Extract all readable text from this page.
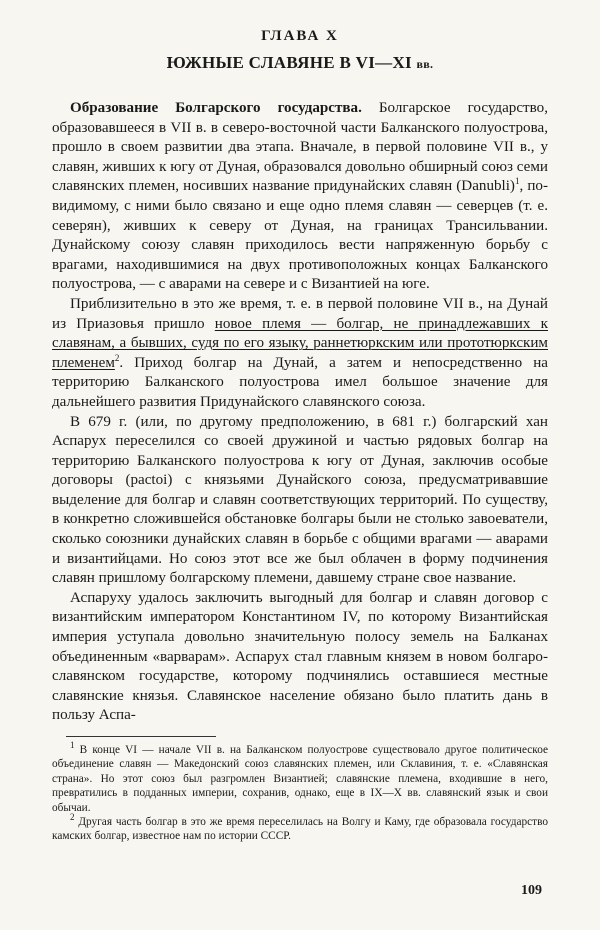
ГЛАВА X
ЮЖНЫЕ СЛАВЯНЕ В VI—XI вв.

Образование Болгарского государства. Болгарское государство, образовавшееся в VII в. в северо-восточной части Балканского полуострова, прошло в своем развитии два этапа. Вначале, в первой половине VII в., у славян, живших к югу от Дуная, образовался довольно обширный союз семи славянских племен, носивших название придунайских славян (Danubli)$^1$, по-видимому, с ними было связано и еще одно племя славян — северцев (т. е. северян), живших к северу от Дуная, на границах Трансильвании. Дунайскому союзу славян приходилось вести напряженную борьбу с врагами, находившимися на двух противоположных концах Балканского полуострова, — с аварами на севере и с Византией на юге.

Приблизительно в это же время, т. е. в первой половине VII в., на Дунай из Приазовья пришло новое племя — болгар, не принадлежавших к славянам, а бывших, судя по его языку, раннетюркским или прототюркским племенем$^2$. Приход болгар на Дунай, а затем и непосредственно на территорию Балканского полуострова имел большое значение для дальнейшего развития Придунайского славянского союза.

В 679 г. (или, по другому предположению, в 681 г.) болгарский хан Аспарух переселился со своей дружиной и частью рядовых болгар на территорию Балканского полуострова к югу от Дуная, заключив особые договоры (pactoi) с князьями Дунайского союза, предусматривавшие выделение для болгар и славян соответствующих территорий. По существу, в конкретно сложившейся обстановке болгары были не столько завоеватели, сколько союзники дунайских славян в борьбе с общими врагами — аварами и византийцами. Но союз этот все же был облачен в форму подчинения славян пришлому болгарскому племени, давшему стране свое название.

Аспаруху удалось заключить выгодный для болгар и славян договор с византийским императором Константином IV, по которому Византийская империя уступала довольно значительную полосу земель на Балканах объединенным «варварам». Аспарух стал главным князем в новом болгаро-славянском государстве, которому подчинялись оставшиеся местные славянские князья. Славянское население обязано было платить дань в пользу Аспа-

$^1$ В конце VI — начале VII в. на Балканском полуострове существовало другое политическое объединение славян — Македонский союз славянских племен, или Склавиния, т. е. «Славянская страна». Но этот союз был разгромлен Византией; славянские племена, входившие в него, превратились в подданных империи, сохранив, однако, еще в IX—X вв. славянский язык и свои обычаи.

$^2$ Другая часть болгар в это же время переселилась на Волгу и Каму, где образовала государство камских болгар, известное нам по истории СССР.

109
